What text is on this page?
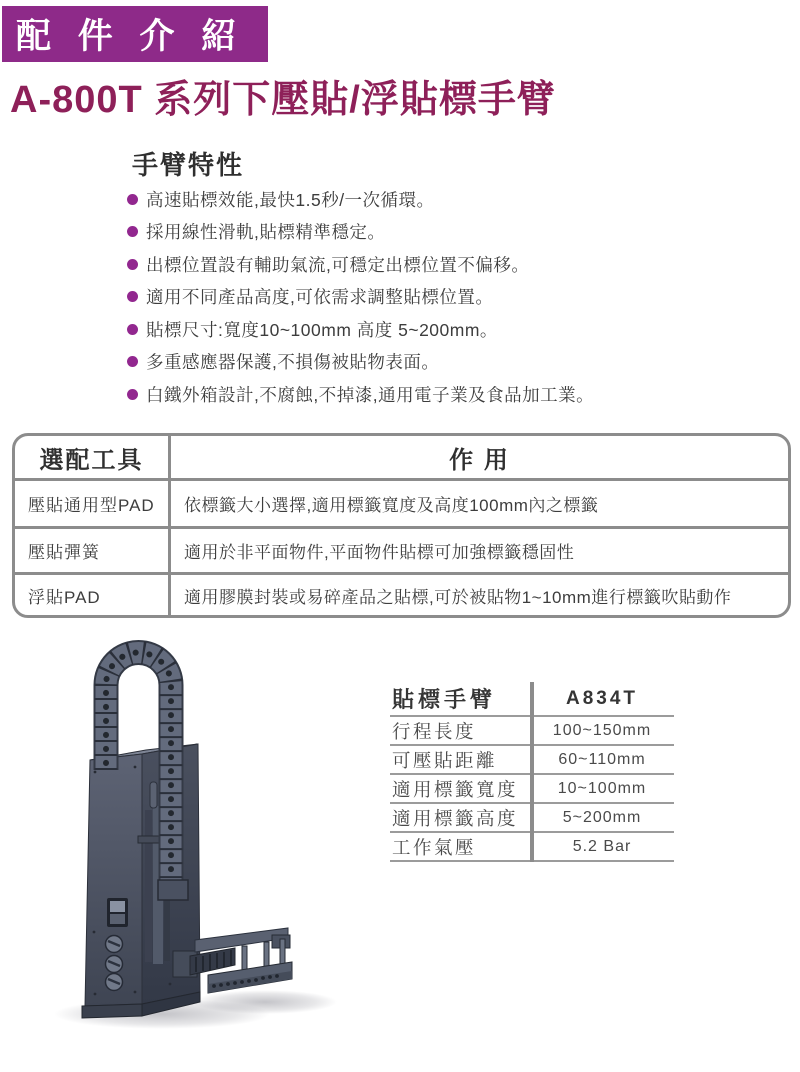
配 件 介 紹
A-800T 系列下壓貼/浮貼標手臂
手臂特性
高速貼標效能,最快1.5秒/一次循環。
採用線性滑軌,貼標精準穩定。
出標位置設有輔助氣流,可穩定出標位置不偏移。
適用不同產品高度,可依需求調整貼標位置。
貼標尺寸:寬度10~100mm 高度 5~200mm。
多重感應器保護,不損傷被貼物表面。
白鐵外箱設計,不腐蝕,不掉漆,通用電子業及食品加工業。
選配工具	作 用
壓貼通用型PAD	依標籤大小選擇,適用標籤寬度及高度100mm內之標籤
壓貼彈簧	適用於非平面物件,平面物件貼標可加強標籤穩固性
浮貼PAD	適用膠膜封裝或易碎產品之貼標,可於被貼物1~10mm進行標籤吹貼動作
貼標手臂	A834T
行程長度	100~150mm
可壓貼距離	60~110mm
適用標籤寬度	10~100mm
適用標籤高度	5~200mm
工作氣壓	5.2 Bar
